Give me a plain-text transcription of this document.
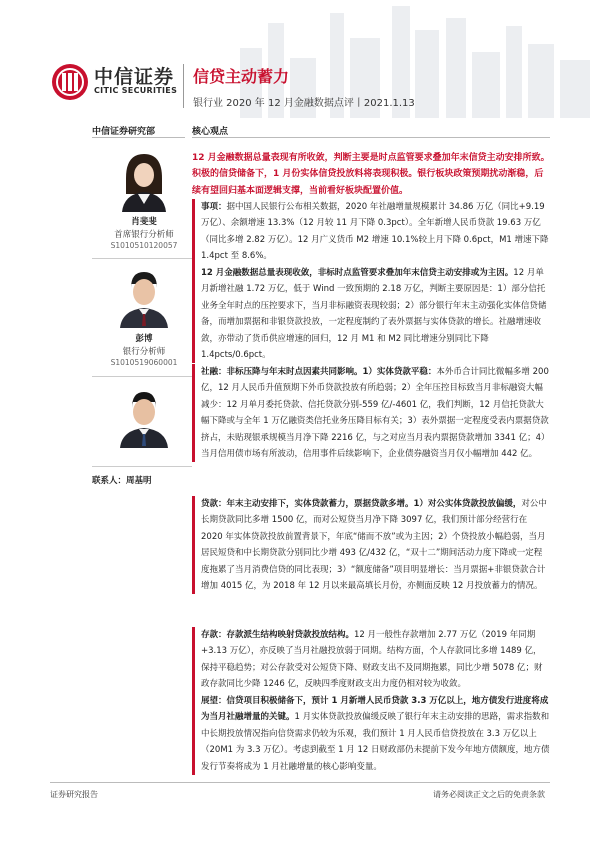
中信证券
CITIC SECURITIES
信贷主动蓄力
银行业 2020 年 12 月金融数据点评丨2021.1.13
中信证券研究部	核心观点
肖斐斐
首席银行分析师
S1010510120057
彭博
银行分析师
S1010519060001
联系人：周基明
12 月金融数据总量表现有所收敛，判断主要是时点监管要求叠加年末信贷主动安排所致。积极的信贷储备下，1 月份实体信贷投放料将表现积极。银行板块政策预期扰动渐稳，后续有望回归基本面逻辑支撑，当前看好板块配置价值。
事项：据中国人民银行公布相关数据，2020 年社融增量规模累计 34.86 万亿（同比+9.19 万亿）、余额增速 13.3%（12 月较 11 月下降 0.3pct）。全年新增人民币贷款 19.63 万亿（同比多增 2.82 万亿）。12 月广义货币 M2 增速 10.1%较上月下降 0.6pct，M1 增速下降 1.4pct 至 8.6%。
12 月金融数据总量表现收敛，非标时点监管要求叠加年末信贷主动安排或为主因。12 月单月新增社融 1.72 万亿，低于 Wind 一致预期的 2.18 万亿，判断主要原因是：1）部分信托业务全年时点的压控要求下，当月非标融资表现较弱；2）部分银行年末主动强化实体信贷储备，而增加票据和非银贷款投放，一定程度制约了表外票据与实体贷款的增长。社融增速收敛，亦带动了货币供应增速的回归，12 月 M1 和 M2 同比增速分别同比下降 1.4pcts/0.6pct。
社融：非标压降与年末时点因素共同影响。1）实体贷款平稳：本外币合计同比微幅多增 200 亿，12 月人民币升值预期下外币贷款投放有所趋弱；2）全年压控目标致当月非标融资大幅减少：12 月单月委托贷款、信托贷款分别-559 亿/-4601 亿，我们判断，12 月信托贷款大幅下降或与全年 1 万亿融资类信托业务压降目标有关；3）表外票据一定程度受表内票据贷款挤占，未贴现银承规模当月净下降 2216 亿，与之对应当月表内票据贷款增加 3341 亿；4）当月信用债市场有所波动，信用事件后续影响下，企业债券融资当月仅小幅增加 442 亿。
贷款：年末主动安排下，实体贷款蓄力，票据贷款多增。1）对公实体贷款投放偏缓，对公中长期贷款同比多增 1500 亿，而对公短贷当月净下降 3097 亿，我们预计部分经营行在 2020 年实体贷款投放前置背景下，年底“储而不放”或为主因；2）个贷投放小幅趋弱，当月居民短贷和中长期贷款分别同比少增 493 亿/432 亿，“双十二”期间活动力度下降或一定程度拖累了当月消费信贷的同比表现；3）“额度储备”项目明显增长：当月票据+非银贷款合计增加 4015 亿，为 2018 年 12 月以来最高填长月份，亦侧面反映 12 月投放蓄力的情况。
存款：存款派生结构映射贷款投放结构。12 月一般性存款增加 2.77 万亿（2019 年同期+3.13 万亿），亦反映了当月社融投放弱于同期。结构方面，个人存款同比多增 1489 亿，保持平稳趋势；对公存款受对公短贷下降、财政支出不及同期拖累，同比少增 5078 亿；财政存款同比少降 1246 亿，反映四季度财政支出力度仍相对较为收敛。
展望：信贷项目积极储备下，预计 1 月新增人民币贷款 3.3 万亿以上，地方债发行进度将成为当月社融增量的关键。1 月实体贷款投放偏缓反映了银行年末主动安排的思路，需求指数和中长期投放情况指向信贷需求仍较为乐观，我们预计 1 月人民币信贷投放在 3.3 万亿以上（20M1 为 3.3 万亿）。考虑到截至 1 月 12 日财政部仍未提前下发今年地方债额度，地方债发行节奏将成为 1 月社融增量的核心影响变量。
证券研究报告	请务必阅读正文之后的免责条款
